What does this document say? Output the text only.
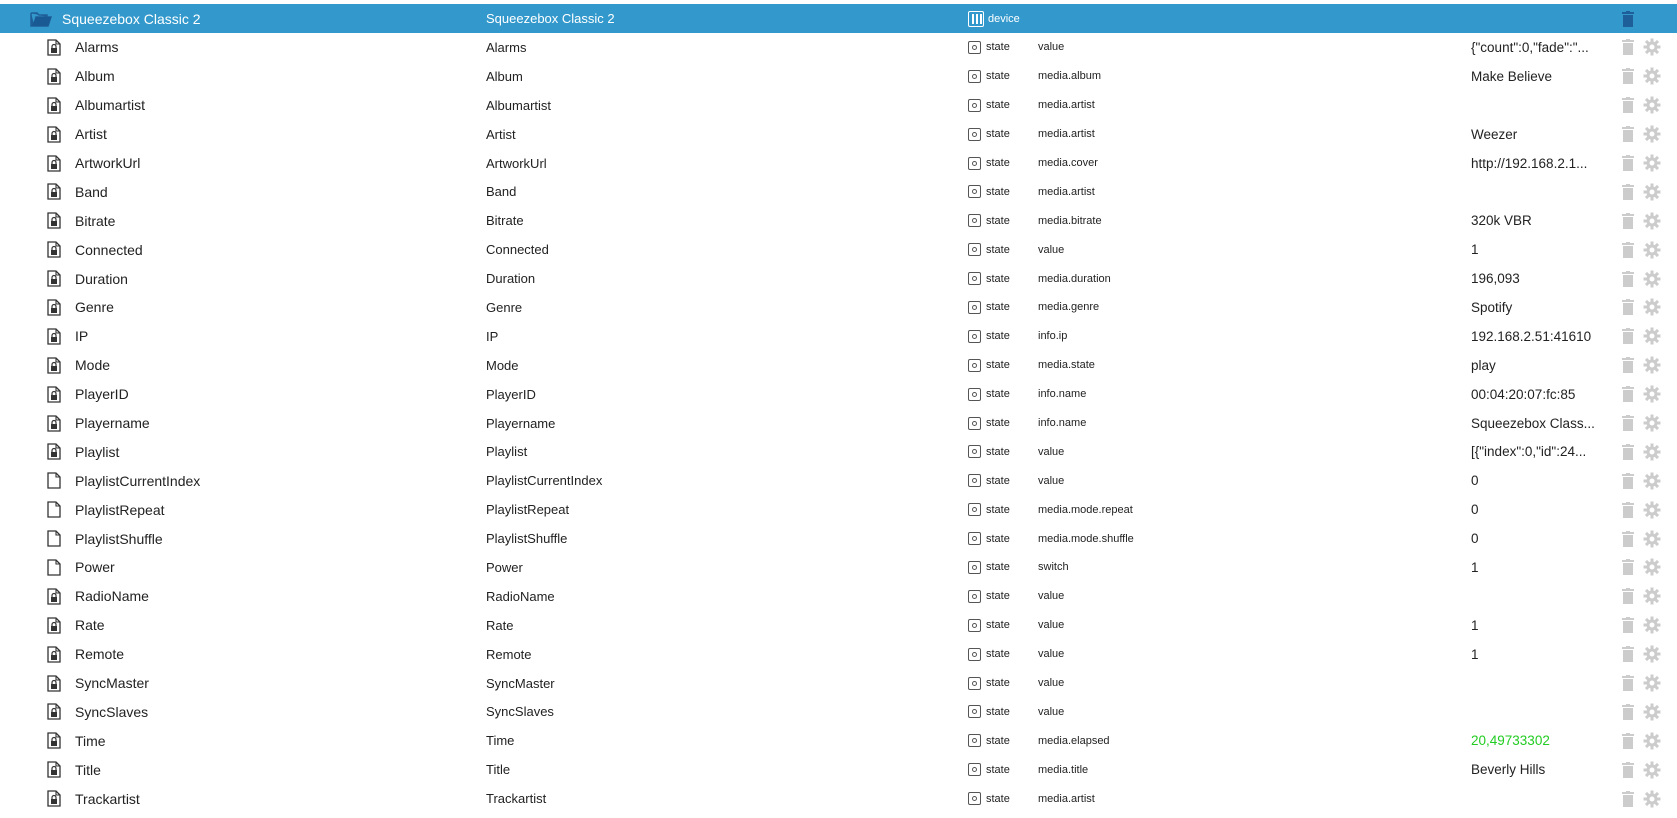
Squeezebox Classic 2	Squeezebox Classic 2	device
Alarms	Alarms	state	value	{"count":0,"fade":"...
Album	Album	state	media.album	Make Believe
Albumartist	Albumartist	state	media.artist
Artist	Artist	state	media.artist	Weezer
ArtworkUrl	ArtworkUrl	state	media.cover	http://192.168.2.1...
Band	Band	state	media.artist
Bitrate	Bitrate	state	media.bitrate	320k VBR
Connected	Connected	state	value	1
Duration	Duration	state	media.duration	196,093
Genre	Genre	state	media.genre	Spotify
IP	IP	state	info.ip	192.168.2.51:41610
Mode	Mode	state	media.state	play
PlayerID	PlayerID	state	info.name	00:04:20:07:fc:85
Playername	Playername	state	info.name	Squeezebox Class...
Playlist	Playlist	state	value	[{"index":0,"id":24...
PlaylistCurrentIndex	PlaylistCurrentIndex	state	value	0
PlaylistRepeat	PlaylistRepeat	state	media.mode.repeat	0
PlaylistShuffle	PlaylistShuffle	state	media.mode.shuffle	0
Power	Power	state	switch	1
RadioName	RadioName	state	value
Rate	Rate	state	value	1
Remote	Remote	state	value	1
SyncMaster	SyncMaster	state	value
SyncSlaves	SyncSlaves	state	value
Time	Time	state	media.elapsed	20,49733302
Title	Title	state	media.title	Beverly Hills
Trackartist	Trackartist	state	media.artist
